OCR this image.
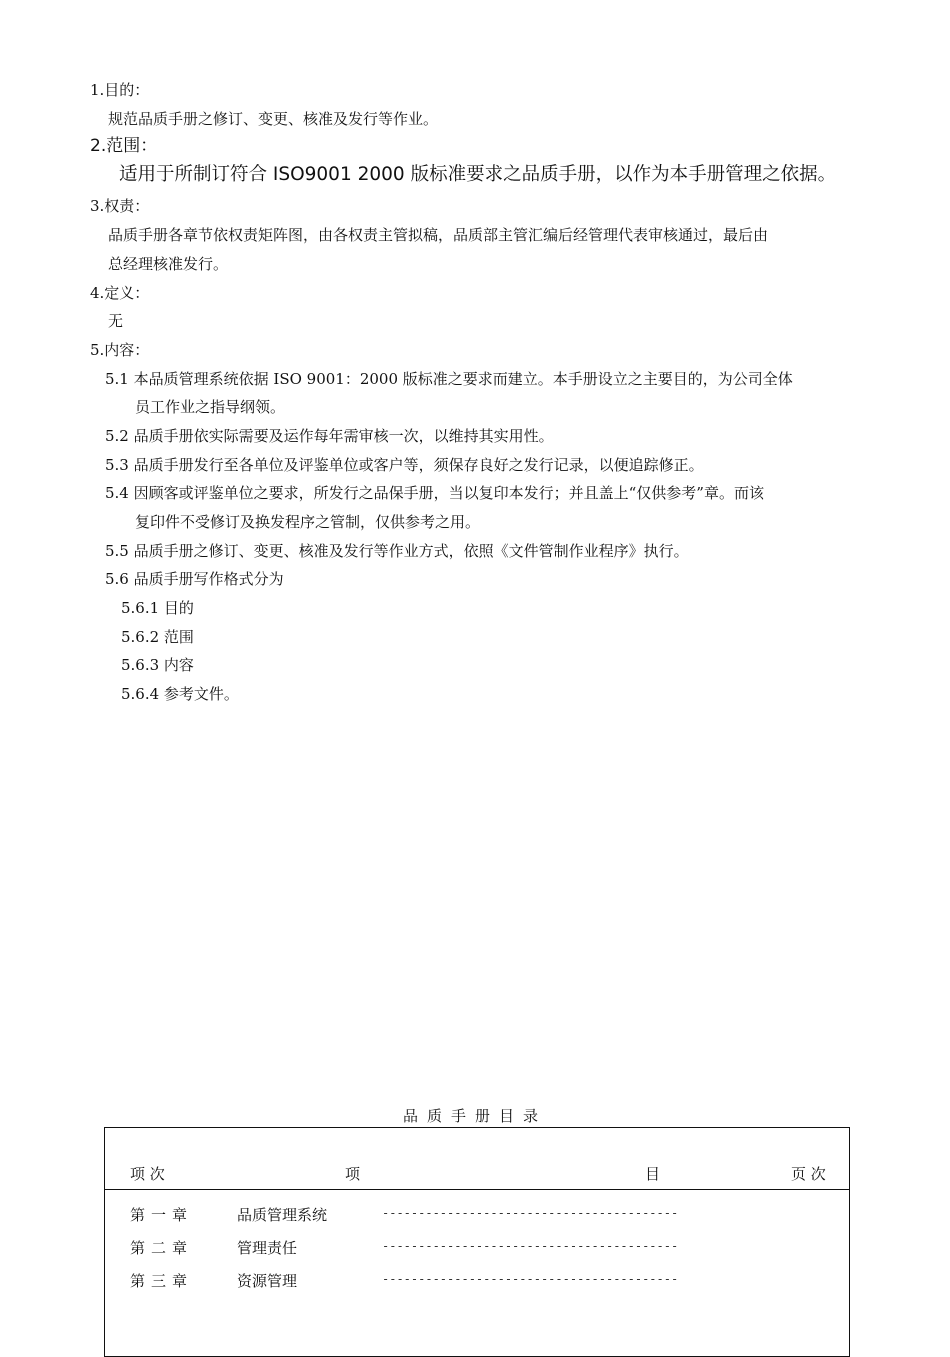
1.目的：
规范品质手册之修订、变更、核准及发行等作业。
2.范围：
适用于所制订符合 ISO9001 2000 版标准要求之品质手册，以作为本手册管理之依据。
3.权责：
品质手册各章节依权责矩阵图，由各权责主管拟稿，品质部主管汇编后经管理代表审核通过，最后由
总经理核准发行。
4.定义：
无
5.内容：
5.1 本品质管理系统依据 ISO 9001：2000 版标准之要求而建立。本手册设立之主要目的，为公司全体
员工作业之指导纲领。
5.2 品质手册依实际需要及运作每年需审核一次，以维持其实用性。
5.3 品质手册发行至各单位及评鉴单位或客户等，须保存良好之发行记录，以便追踪修正。
5.4 因顾客或评鉴单位之要求，所发行之品保手册，当以复印本发行；并且盖上“仅供参考”章。而该
复印件不受修订及换发程序之管制，仅供参考之用。
5.5 品质手册之修订、变更、核准及发行等作业方式，依照《文件管制作业程序》执行。
5.6 品质手册写作格式分为
5.6.1 目的
5.6.2 范围
5.6.3 内容
5.6.4 参考文件。
品质手册目录
项 次	项	目	页 次
第一章	品质管理系统	-----------------------------------------
第二章	管理责任	-----------------------------------------
第三章	资源管理	-----------------------------------------
